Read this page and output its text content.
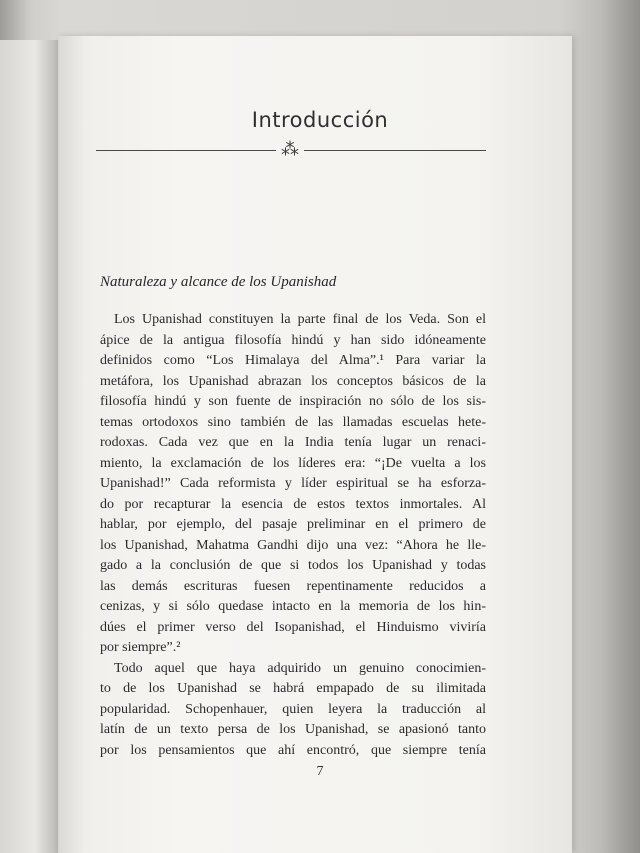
Introducción
⁂
Naturaleza y alcance de los Upanishad
Los Upanishad constituyen la parte final de los Veda. Son el
ápice de la antigua filosofía hindú y han sido idóneamente
definidos como “Los Himalaya del Alma”.¹ Para variar la
metáfora, los Upanishad abrazan los conceptos básicos de la
filosofía hindú y son fuente de inspiración no sólo de los sis-
temas ortodoxos sino también de las llamadas escuelas hete-
rodoxas. Cada vez que en la India tenía lugar un renaci-
miento, la exclamación de los líderes era: “¡De vuelta a los
Upanishad!” Cada reformista y líder espiritual se ha esforza-
do por recapturar la esencia de estos textos inmortales. Al
hablar, por ejemplo, del pasaje preliminar en el primero de
los Upanishad, Mahatma Gandhi dijo una vez: “Ahora he lle-
gado a la conclusión de que si todos los Upanishad y todas
las demás escrituras fuesen repentinamente reducidos a
cenizas, y si sólo quedase intacto en la memoria de los hin-
dúes el primer verso del Isopanishad, el Hinduismo viviría
por siempre”.²
Todo aquel que haya adquirido un genuino conocimien-
to de los Upanishad se habrá empapado de su ilimitada
popularidad. Schopenhauer, quien leyera la traducción al
latín de un texto persa de los Upanishad, se apasionó tanto
por los pensamientos que ahí encontró, que siempre tenía
7
